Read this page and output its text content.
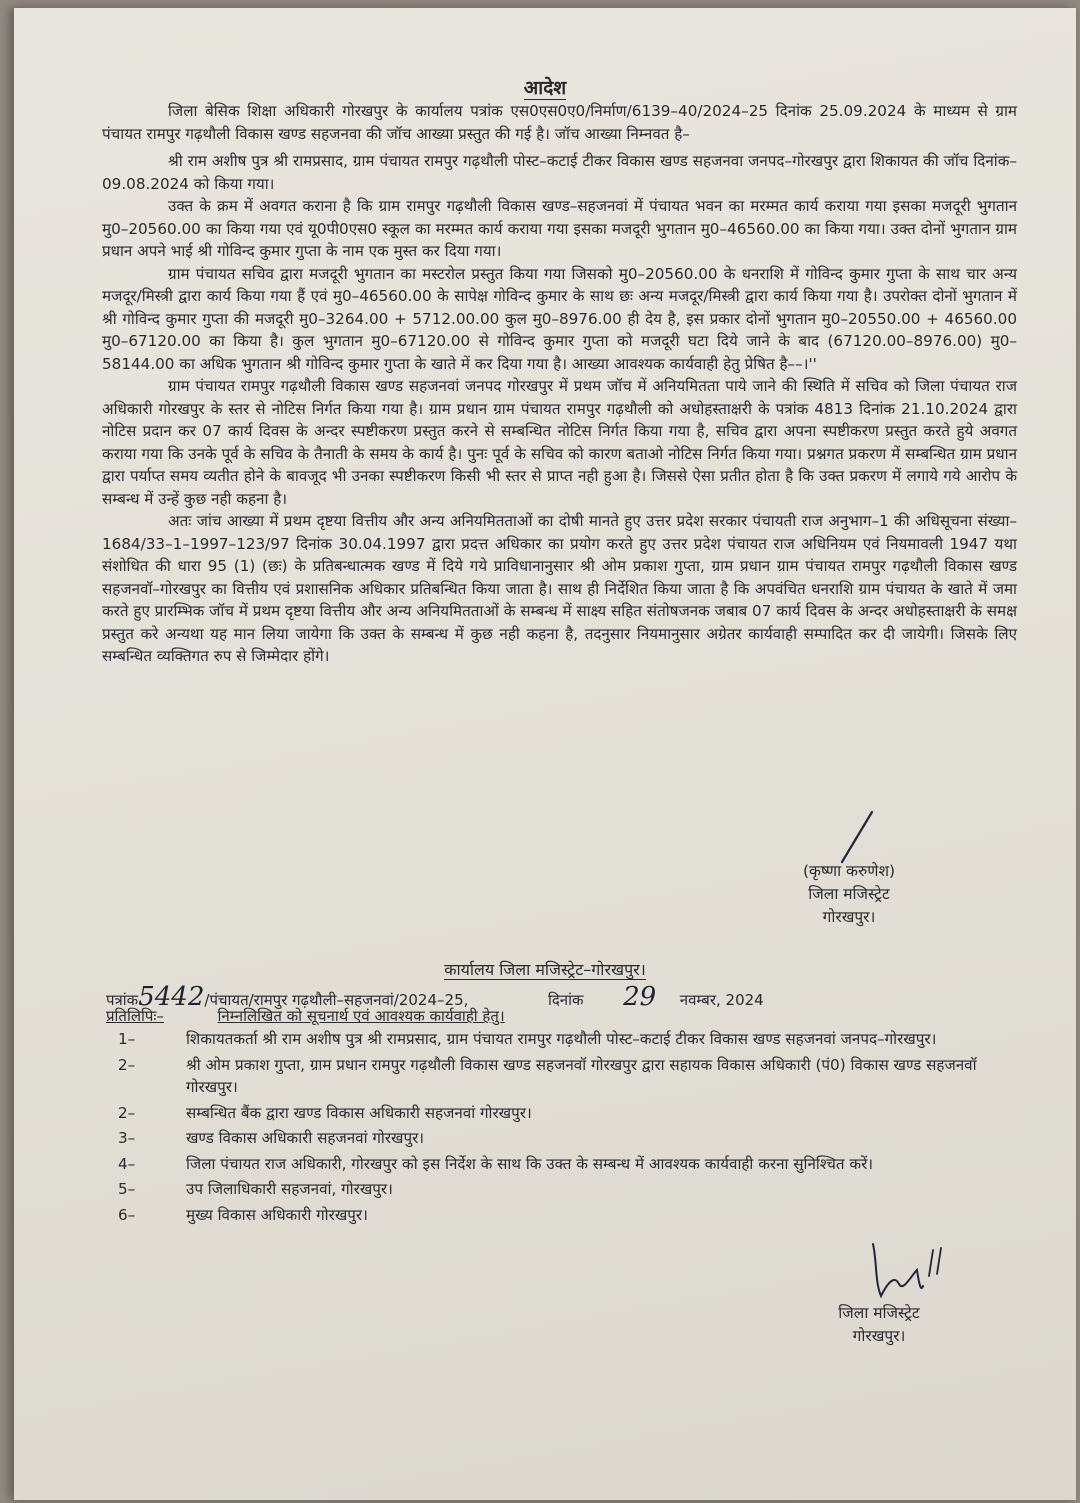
आदेश

जिला बेसिक शिक्षा अधिकारी गोरखपुर के कार्यालय पत्रांक एस0एस0ए0/निर्माण/6139–40/2024–25 दिनांक 25.09.2024 के माध्यम से ग्राम पंचायत रामपुर गढ़थौली विकास खण्ड सहजनवा की जॉच आख्या प्रस्तुत की गई है। जॉच आख्या निम्नवत है–

श्री राम अशीष पुत्र श्री रामप्रसाद, ग्राम पंचायत रामपुर गढ़थौली पोस्ट–कटाई टीकर विकास खण्ड सहजनवा जनपद–गोरखपुर द्वारा शिकायत की जॉच दिनांक–09.08.2024 को किया गया।

उक्त के क्रम में अवगत कराना है कि ग्राम रामपुर गढ़थौली विकास खण्ड–सहजनवां में पंचायत भवन का मरम्मत कार्य कराया गया इसका मजदूरी भुगतान मु0–20560.00 का किया गया एवं यू0पी0एस0 स्कूल का मरम्मत कार्य कराया गया इसका मजदूरी भुगतान मु0–46560.00 का किया गया। उक्त दोनों भुगतान ग्राम प्रधान अपने भाई श्री गोविन्द कुमार गुप्ता के नाम एक मुस्त कर दिया गया।

ग्राम पंचायत सचिव द्वारा मजदूरी भुगतान का मस्टरोल प्रस्तुत किया गया जिसको मु0–20560.00 के धनराशि में गोविन्द कुमार गुप्ता के साथ चार अन्य मजदूर/मिस्त्री द्वारा कार्य किया गया हैं एवं मु0–46560.00 के सापेक्ष गोविन्द कुमार के साथ छः अन्य मजदूर/मिस्त्री द्वारा कार्य किया गया है। उपरोक्त दोनों भुगतान में श्री गोविन्द कुमार गुप्ता की मजदूरी मु0–3264.00 + 5712.00.00 कुल मु0–8976.00 ही देय है, इस प्रकार दोनों भुगतान मु0–20550.00 + 46560.00 मु0–67120.00 का किया है। कुल भुगतान मु0–67120.00 से गोविन्द कुमार गुप्ता को मजदूरी घटा दिये जाने के बाद (67120.00–8976.00) मु0–58144.00 का अधिक भुगतान श्री गोविन्द कुमार गुप्ता के खाते में कर दिया गया है। आख्या आवश्यक कार्यवाही हेतु प्रेषित है––।''

ग्राम पंचायत रामपुर गढ़थौली विकास खण्ड सहजनवां जनपद गोरखपुर में प्रथम जॉच में अनियमितता पाये जाने की स्थिति में सचिव को जिला पंचायत राज अधिकारी गोरखपुर के स्तर से नोटिस निर्गत किया गया है। ग्राम प्रधान ग्राम पंचायत रामपुर गढ़थौली को अधोहस्ताक्षरी के पत्रांक 4813 दिनांक 21.10.2024 द्वारा नोटिस प्रदान कर 07 कार्य दिवस के अन्दर स्पष्टीकरण प्रस्तुत करने से सम्बन्धित नोटिस निर्गत किया गया है, सचिव द्वारा अपना स्पष्टीकरण प्रस्तुत करते हुये अवगत कराया गया कि उनके पूर्व के सचिव के तैनाती के समय के कार्य है। पुनः पूर्व के सचिव को कारण बताओ नोटिस निर्गत किया गया। प्रश्नगत प्रकरण में सम्बन्धित ग्राम प्रधान द्वारा पर्याप्त समय व्यतीत होने के बावजूद भी उनका स्पष्टीकरण किसी भी स्तर से प्राप्त नही हुआ है। जिससे ऐसा प्रतीत होता है कि उक्त प्रकरण में लगाये गये आरोप के सम्बन्ध में उन्हें कुछ नही कहना है।

अतः जांच आख्या में प्रथम दृष्टया वित्तीय और अन्य अनियमितताओं का दोषी मानते हुए उत्तर प्रदेश सरकार पंचायती राज अनुभाग–1 की अधिसूचना संख्या–1684/33–1–1997–123/97 दिनांक 30.04.1997 द्वारा प्रदत्त अधिकार का प्रयोग करते हुए उत्तर प्रदेश पंचायत राज अधिनियम एवं नियमावली 1947 यथा संशोधित की धारा 95 (1) (छः) के प्रतिबन्धात्मक खण्ड में दिये गये प्राविधानानुसार श्री ओम प्रकाश गुप्ता, ग्राम प्रधान ग्राम पंचायत रामपुर गढ़थौली विकास खण्ड सहजनवॉ–गोरखपुर का वित्तीय एवं प्रशासनिक अधिकार प्रतिबन्धित किया जाता है। साथ ही निर्देशित किया जाता है कि अपवंचित धनराशि ग्राम पंचायत के खाते में जमा करते हुए प्रारम्भिक जॉच में प्रथम दृष्टया वित्तीय और अन्य अनियमितताओं के सम्बन्ध में साक्ष्य सहित संतोषजनक जबाब 07 कार्य दिवस के अन्दर अधोहस्ताक्षरी के समक्ष प्रस्तुत करे अन्यथा यह मान लिया जायेगा कि उक्त के सम्बन्ध में कुछ नही कहना है, तदनुसार नियमानुसार अग्रेतर कार्यवाही सम्पादित कर दी जायेगी। जिसके लिए सम्बन्धित व्यक्तिगत रुप से जिम्मेदार होंगे।

(कृष्णा करुणेश)
जिला मजिस्ट्रेट
गोरखपुर।
कार्यालय जिला मजिस्ट्रेट–गोरखपुर।
पत्रांक5442/पंचायत/रामपुर गढ़थौली–सहजनवां/2024–25,	दिनांक 29 नवम्बर, 2024
प्रतिलिपिः–	निम्नलिखित को सूचनार्थ एवं आवश्यक कार्यवाही हेतु।
1–	शिकायतकर्ता श्री राम अशीष पुत्र श्री रामप्रसाद, ग्राम पंचायत रामपुर गढ़थौली पोस्ट–कटाई टीकर विकास खण्ड सहजनवां जनपद–गोरखपुर।
2–	श्री ओम प्रकाश गुप्ता, ग्राम प्रधान रामपुर गढ़थौली विकास खण्ड सहजनवॉ गोरखपुर द्वारा सहायक विकास अधिकारी (पं0) विकास खण्ड सहजनवॉ गोरखपुर।
2–	सम्बन्धित बैंक द्वारा खण्ड विकास अधिकारी सहजनवां गोरखपुर।
3–	खण्ड विकास अधिकारी सहजनवां गोरखपुर।
4–	जिला पंचायत राज अधिकारी, गोरखपुर को इस निर्देश के साथ कि उक्त के सम्बन्ध में आवश्यक कार्यवाही करना सुनिश्चित करें।
5–	उप जिलाधिकारी सहजनवां, गोरखपुर।
6–	मुख्य विकास अधिकारी गोरखपुर।
जिला मजिस्ट्रेट
गोरखपुर।
